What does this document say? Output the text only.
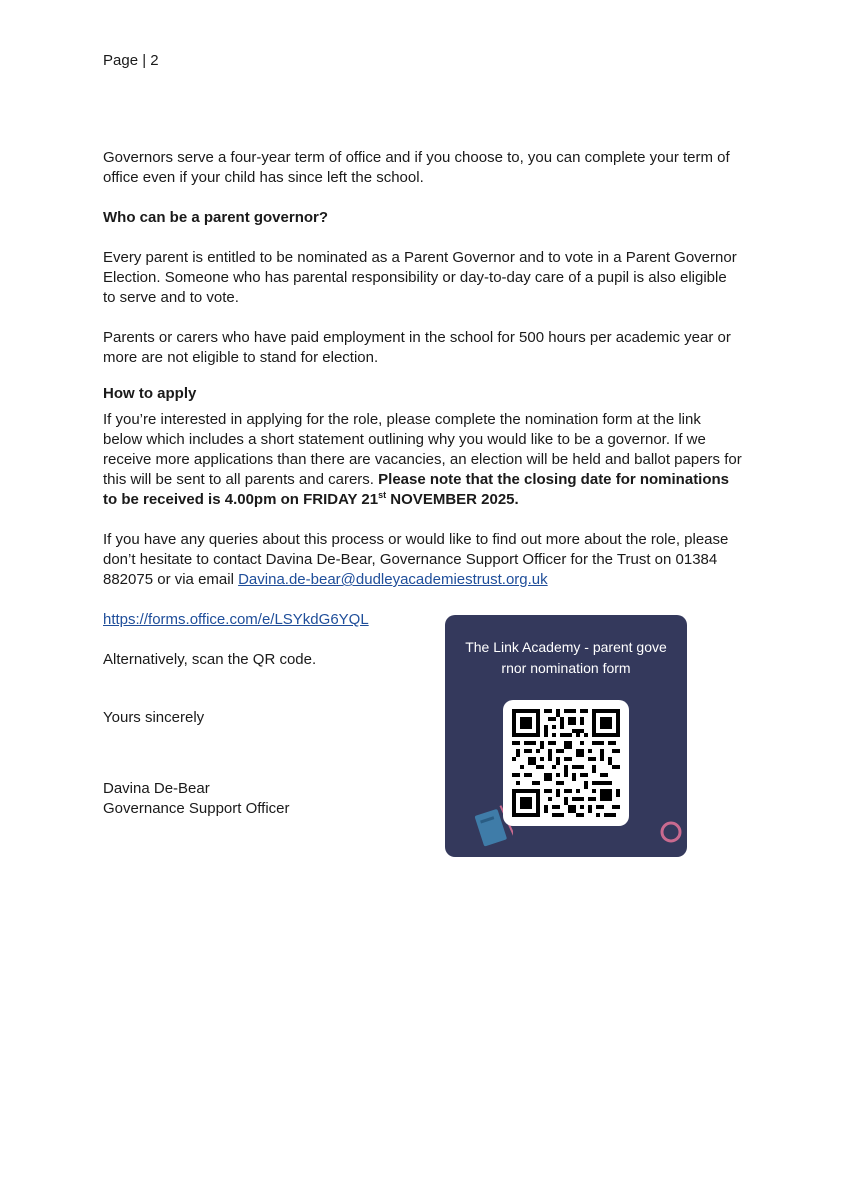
Page | 2

Governors serve a four-year term of office and if you choose to, you can complete your term of office even if your child has since left the school.

Who can be a parent governor?

Every parent is entitled to be nominated as a Parent Governor and to vote in a Parent Governor Election. Someone who has parental responsibility or day-to-day care of a pupil is also eligible to serve and to vote.

Parents or carers who have paid employment in the school for 500 hours per academic year or more are not eligible to stand for election.

How to apply

If you’re interested in applying for the role, please complete the nomination form at the link below which includes a short statement outlining why you would like to be a governor. If we receive more applications than there are vacancies, an election will be held and ballot papers for this will be sent to all parents and carers. Please note that the closing date for nominations to be received is 4.00pm on FRIDAY 21st NOVEMBER 2025.

If you have any queries about this process or would like to find out more about the role, please don’t hesitate to contact Davina De-Bear, Governance Support Officer for the Trust on 01384 882075 or via email Davina.de-bear@dudleyacademiestrust.org.uk

https://forms.office.com/e/LSYkdG6YQL

Alternatively, scan the QR code.

Yours sincerely

Davina De-Bear

Governance Support Officer

The Link Academy - parent gove
rnor nomination form
